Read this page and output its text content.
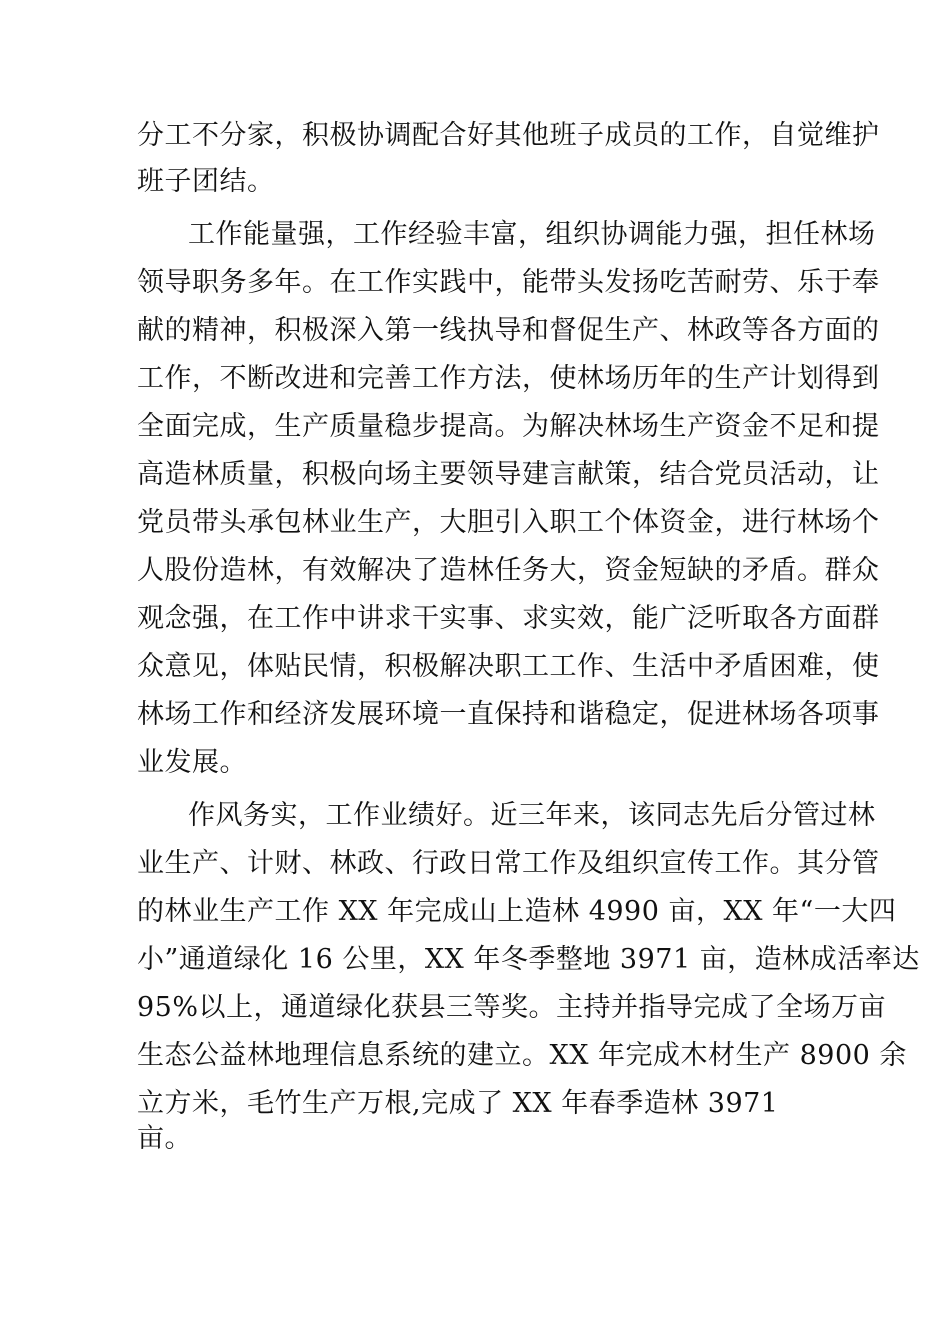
分工不分家，积极协调配合好其他班子成员的工作，自觉维护
班子团结。
工作能量强，工作经验丰富，组织协调能力强，担任林场
领导职务多年。在工作实践中，能带头发扬吃苦耐劳、乐于奉
献的精神，积极深入第一线执导和督促生产、林政等各方面的
工作，不断改进和完善工作方法，使林场历年的生产计划得到
全面完成，生产质量稳步提高。为解决林场生产资金不足和提
高造林质量，积极向场主要领导建言献策，结合党员活动，让
党员带头承包林业生产，大胆引入职工个体资金，进行林场个
人股份造林，有效解决了造林任务大，资金短缺的矛盾。群众
观念强，在工作中讲求干实事、求实效，能广泛听取各方面群
众意见，体贴民情，积极解决职工工作、生活中矛盾困难，使
林场工作和经济发展环境一直保持和谐稳定，促进林场各项事
业发展。
作风务实，工作业绩好。近三年来，该同志先后分管过林
业生产、计财、林政、行政日常工作及组织宣传工作。其分管
的林业生产工作 XX 年完成山上造林 4990 亩，XX 年“一大四
小”通道绿化 16 公里，XX 年冬季整地 3971 亩，造林成活率达
95%以上，通道绿化获县三等奖。主持并指导完成了全场万亩
生态公益林地理信息系统的建立。XX 年完成木材生产 8900 余
立方米，毛竹生产万根,完成了 XX 年春季造林 3971
亩。
